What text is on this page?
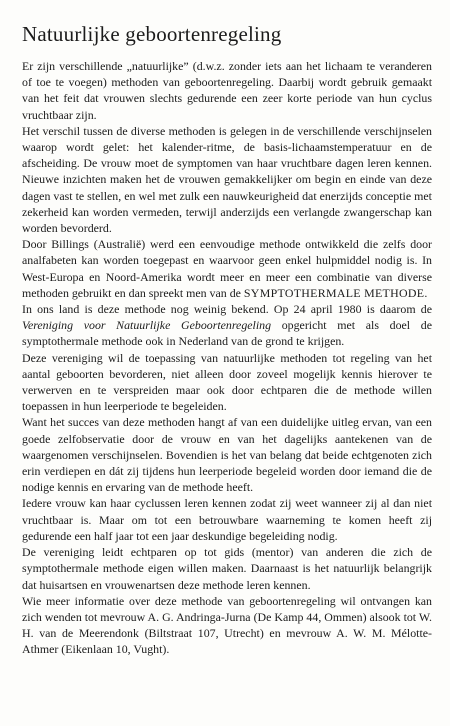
Natuurlijke geboortenregeling

Er zijn verschillende „natuurlijke” (d.w.z. zonder iets aan het lichaam te veranderen of toe te voegen) methoden van geboortenregeling. Daarbij wordt gebruik gemaakt van het feit dat vrouwen slechts gedurende een zeer korte periode van hun cyclus vruchtbaar zijn.

Het verschil tussen de diverse methoden is gelegen in de verschillende verschijnselen waarop wordt gelet: het kalender-ritme, de basis-lichaamstemperatuur en de afscheiding. De vrouw moet de symptomen van haar vruchtbare dagen leren kennen. Nieuwe inzichten maken het de vrouwen gemakkelijker om begin en einde van deze dagen vast te stellen, en wel met zulk een nauwkeurigheid dat enerzijds conceptie met zekerheid kan worden vermeden, terwijl anderzijds een verlangde zwangerschap kan worden bevorderd.

Door Billings (Australië) werd een eenvoudige methode ontwikkeld die zelfs door analfabeten kan worden toegepast en waarvoor geen enkel hulpmiddel nodig is. In West-Europa en Noord-Amerika wordt meer en meer een combinatie van diverse methoden gebruikt en dan spreekt men van de SYMPTOTHERMALE METHODE.

In ons land is deze methode nog weinig bekend. Op 24 april 1980 is daarom de Vereniging voor Natuurlijke Geboortenregeling opgericht met als doel de symptothermale methode ook in Nederland van de grond te krijgen.

Deze vereniging wil de toepassing van natuurlijke methoden tot regeling van het aantal geboorten bevorderen, niet alleen door zoveel mogelijk kennis hierover te verwerven en te verspreiden maar ook door echtparen die de methode willen toepassen in hun leerperiode te begeleiden.

Want het succes van deze methoden hangt af van een duidelijke uitleg ervan, van een goede zelfobservatie door de vrouw en van het dagelijks aantekenen van de waargenomen verschijnselen. Bovendien is het van belang dat beide echtgenoten zich erin verdiepen en dát zij tijdens hun leerperiode begeleid worden door iemand die de nodige kennis en ervaring van de methode heeft.

Iedere vrouw kan haar cyclussen leren kennen zodat zij weet wanneer zij al dan niet vruchtbaar is. Maar om tot een betrouwbare waarneming te komen heeft zij gedurende een half jaar tot een jaar deskundige begeleiding nodig.

De vereniging leidt echtparen op tot gids (mentor) van anderen die zich de symptothermale methode eigen willen maken. Daarnaast is het natuurlijk belangrijk dat huisartsen en vrouwenartsen deze methode leren kennen.

Wie meer informatie over deze methode van geboortenregeling wil ontvangen kan zich wenden tot mevrouw A. G. Andringa-Jurna (De Kamp 44, Ommen) alsook tot W. H. van de Meerendonk (Biltstraat 107, Utrecht) en mevrouw A. W. M. Mélotte-Athmer (Eikenlaan 10, Vught).
